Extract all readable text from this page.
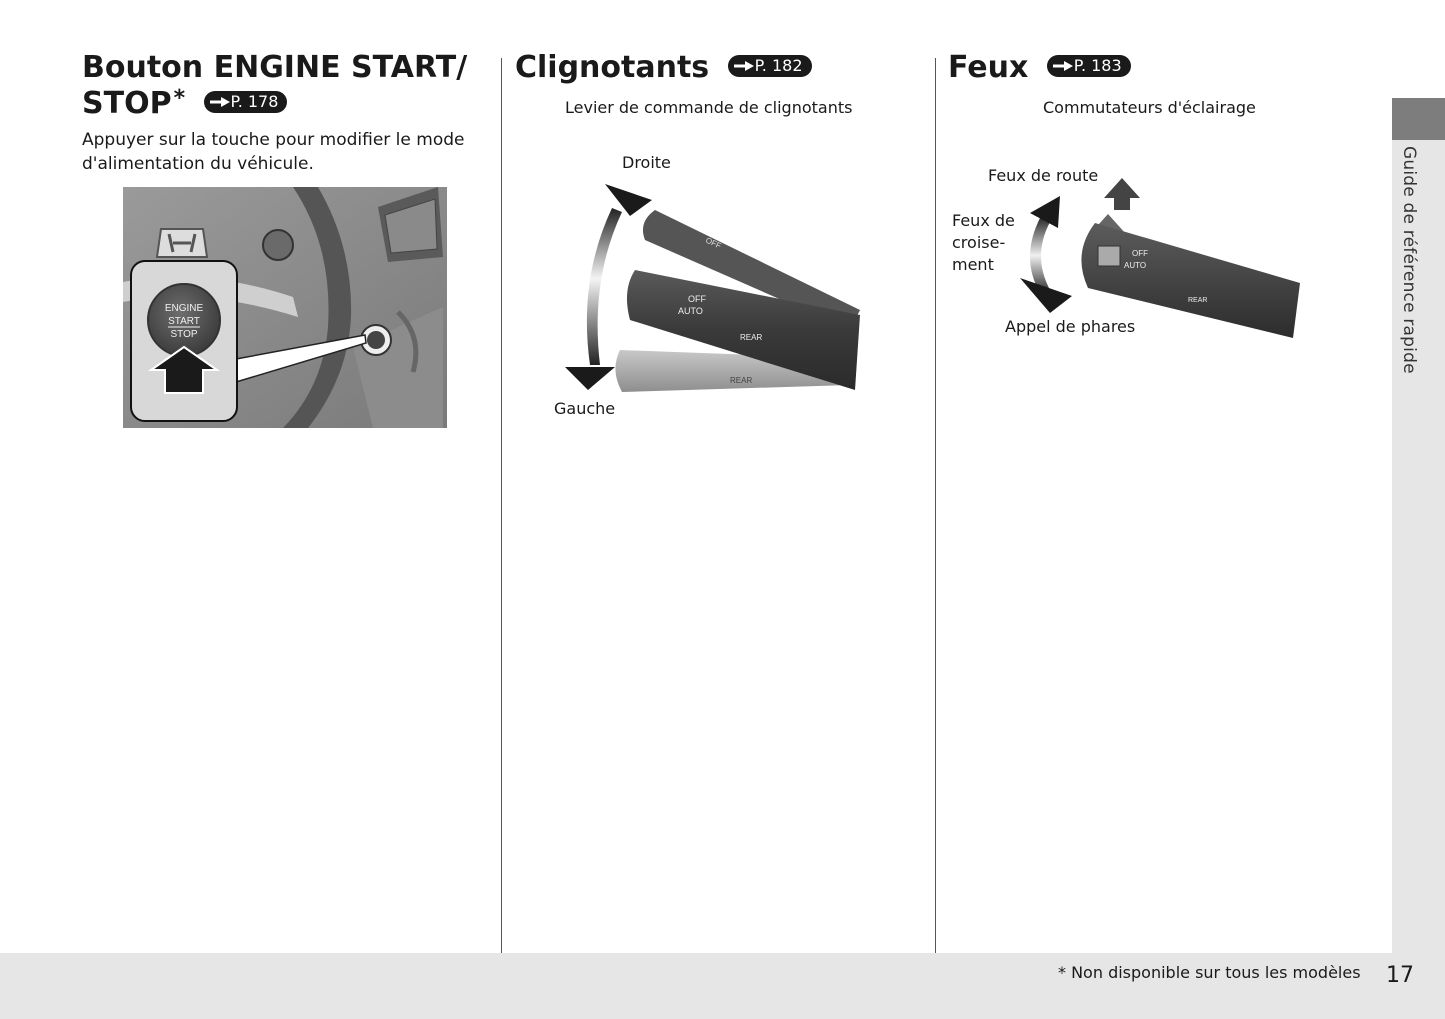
Guide de référence rapide
Bouton ENGINE START/
STOP*	P. 178
Appuyer sur la touche pour modifier le mode d'alimentation du véhicule.
ENGINE
START
STOP
Clignotants	P. 182
Levier de commande de clignotants
Droite
Gauche
OFF
AUTO
REAR
REAR
OFF
Feux	P. 183
Commutateurs d'éclairage
Feux de route
Feux de
croise-
ment
Appel de phares
OFF
AUTO
REAR
* Non disponible sur tous les modèles 17
